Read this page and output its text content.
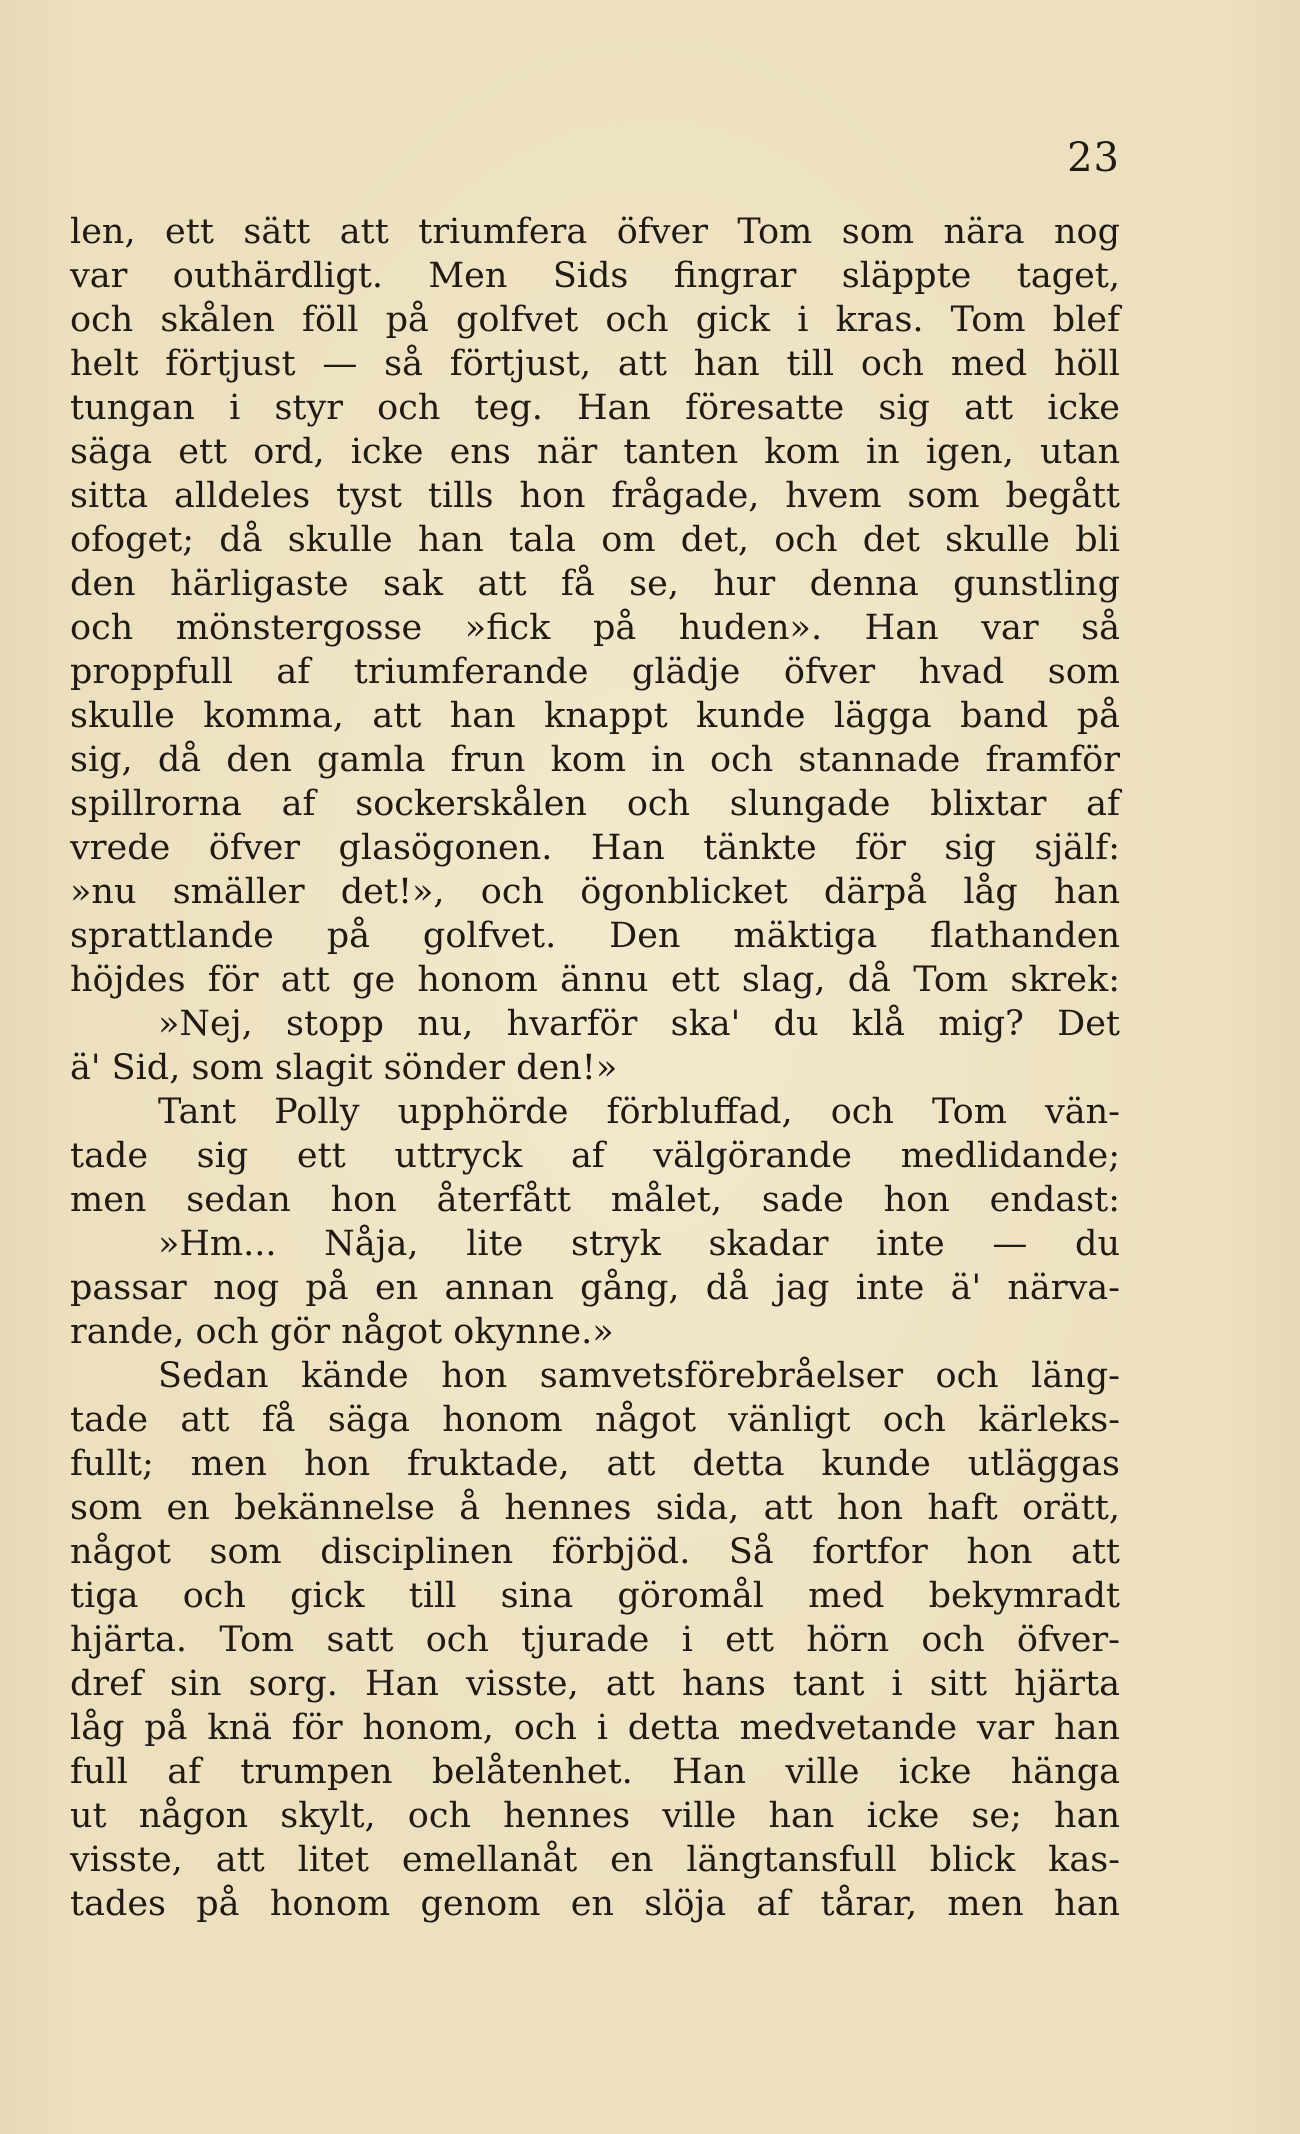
23
len, ett sätt att triumfera öfver Tom som nära nog
var outhärdligt. Men Sids fingrar släppte taget,
och skålen föll på golfvet och gick i kras. Tom blef
helt förtjust — så förtjust, att han till och med höll
tungan i styr och teg. Han föresatte sig att icke
säga ett ord, icke ens när tanten kom in igen, utan
sitta alldeles tyst tills hon frågade, hvem som begått
ofoget; då skulle han tala om det, och det skulle bli
den härligaste sak att få se, hur denna gunstling
och mönstergosse »fick på huden». Han var så
proppfull af triumferande glädje öfver hvad som
skulle komma, att han knappt kunde lägga band på
sig, då den gamla frun kom in och stannade framför
spillrorna af sockerskålen och slungade blixtar af
vrede öfver glasögonen. Han tänkte för sig själf:
»nu smäller det!», och ögonblicket därpå låg han
sprattlande på golfvet. Den mäktiga flathanden
höjdes för att ge honom ännu ett slag, då Tom skrek:
»Nej, stopp nu, hvarför ska' du klå mig? Det
ä' Sid, som slagit sönder den!»
Tant Polly upphörde förbluffad, och Tom vän-
tade sig ett uttryck af välgörande medlidande;
men sedan hon återfått målet, sade hon endast:
»Hm... Nåja, lite stryk skadar inte — du
passar nog på en annan gång, då jag inte ä' närva-
rande, och gör något okynne.»
Sedan kände hon samvetsförebråelser och läng-
tade att få säga honom något vänligt och kärleks-
fullt; men hon fruktade, att detta kunde utläggas
som en bekännelse å hennes sida, att hon haft orätt,
något som disciplinen förbjöd. Så fortfor hon att
tiga och gick till sina göromål med bekymradt
hjärta. Tom satt och tjurade i ett hörn och öfver-
dref sin sorg. Han visste, att hans tant i sitt hjärta
låg på knä för honom, och i detta medvetande var han
full af trumpen belåtenhet. Han ville icke hänga
ut någon skylt, och hennes ville han icke se; han
visste, att litet emellanåt en längtansfull blick kas-
tades på honom genom en slöja af tårar, men han
